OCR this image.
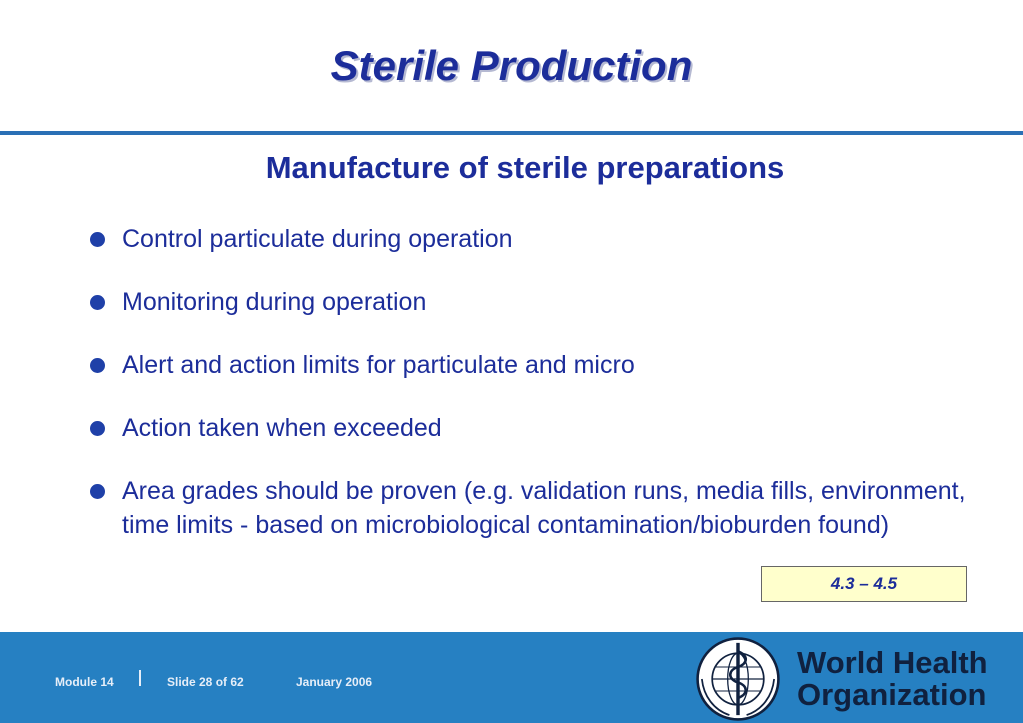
Sterile Production
Manufacture of sterile preparations
Control particulate during operation
Monitoring during operation
Alert and action limits for particulate and micro
Action taken when exceeded
Area grades should be proven (e.g. validation runs, media fills, environment, time limits - based on microbiological contamination/bioburden found)
4.3 – 4.5
Module 14	Slide 28 of 62	January 2006
World Health
Organization
